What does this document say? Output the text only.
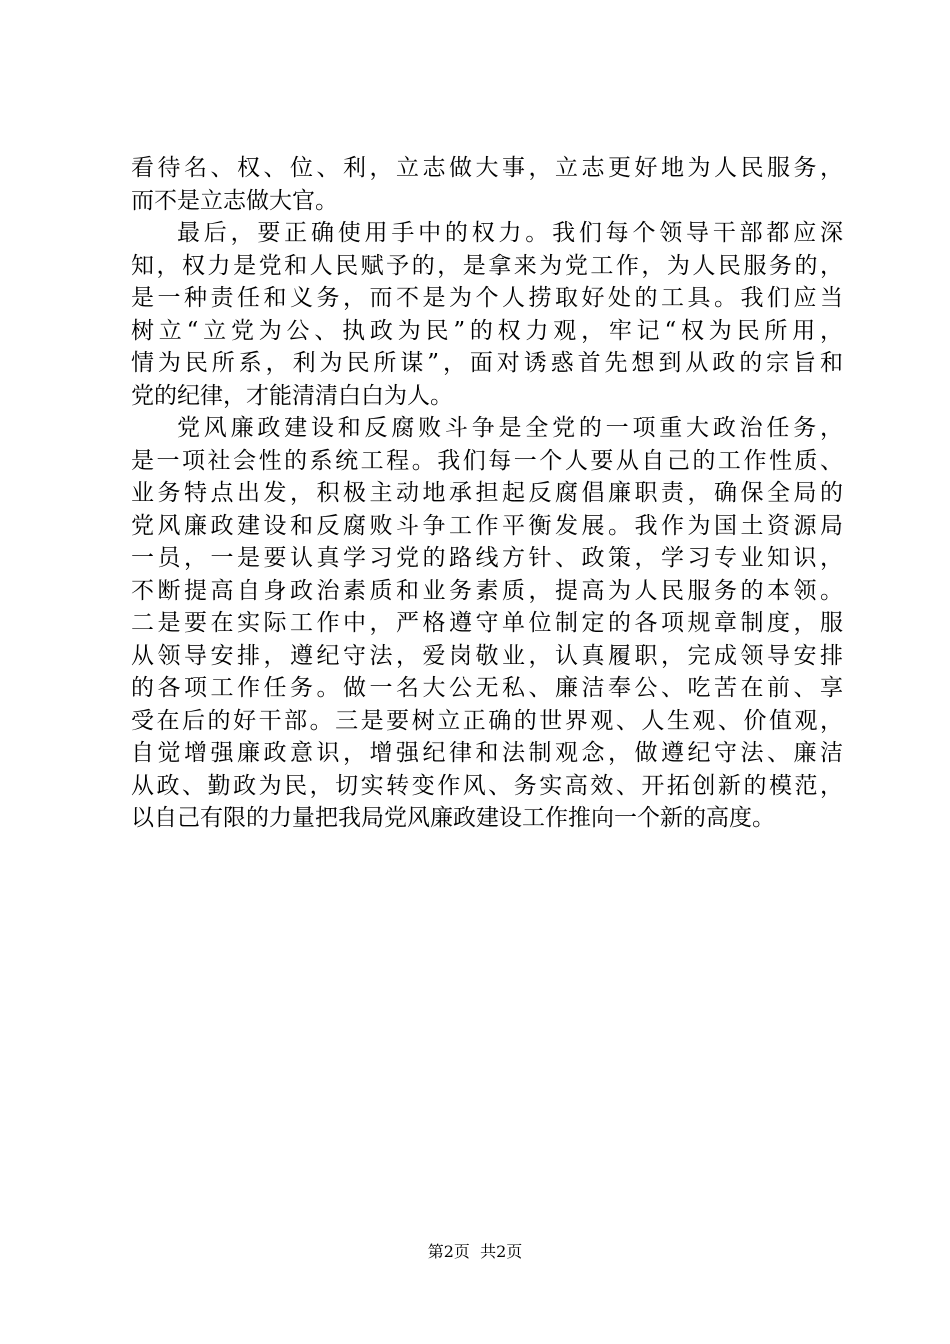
看待名、权、位、利，立志做大事，立志更好地为人民服务，
而不是立志做大官。
最后，要正确使用手中的权力。我们每个领导干部都应深
知，权力是党和人民赋予的，是拿来为党工作，为人民服务的，
是一种责任和义务，而不是为个人捞取好处的工具。我们应当
树立“立党为公、执政为民”的权力观，牢记“权为民所用，
情为民所系，利为民所谋”，面对诱惑首先想到从政的宗旨和
党的纪律，才能清清白白为人。
党风廉政建设和反腐败斗争是全党的一项重大政治任务，
是一项社会性的系统工程。我们每一个人要从自己的工作性质、
业务特点出发，积极主动地承担起反腐倡廉职责，确保全局的
党风廉政建设和反腐败斗争工作平衡发展。我作为国土资源局
一员，一是要认真学习党的路线方针、政策，学习专业知识，
不断提高自身政治素质和业务素质，提高为人民服务的本领。
二是要在实际工作中，严格遵守单位制定的各项规章制度，服
从领导安排，遵纪守法，爱岗敬业，认真履职，完成领导安排
的各项工作任务。做一名大公无私、廉洁奉公、吃苦在前、享
受在后的好干部。三是要树立正确的世界观、人生观、价值观，
自觉增强廉政意识，增强纪律和法制观念，做遵纪守法、廉洁
从政、勤政为民，切实转变作风、务实高效、开拓创新的模范，
以自己有限的力量把我局党风廉政建设工作推向一个新的高度。
第2页 共2页
